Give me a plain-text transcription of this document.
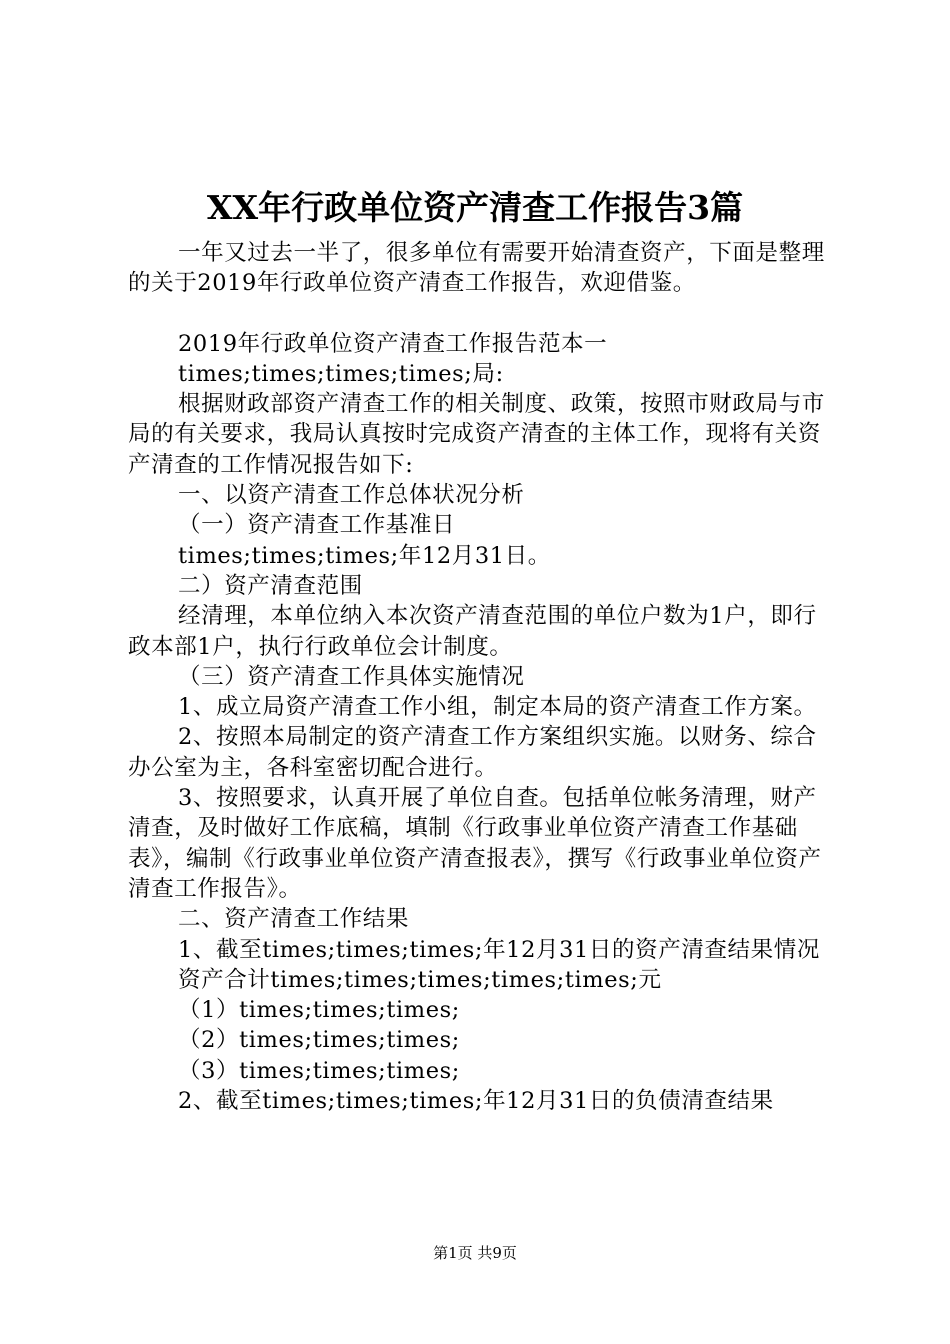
XX年行政单位资产清查工作报告3篇

一年又过去一半了，很多单位有需要开始清查资产，下面是整理的关于2019年行政单位资产清查工作报告，欢迎借鉴。

2019年行政单位资产清查工作报告范本一

times;times;times;times;局:

根据财政部资产清查工作的相关制度、政策，按照市财政局与市局的有关要求，我局认真按时完成资产清查的主体工作，现将有关资产清查的工作情况报告如下:

一、以资产清查工作总体状况分析

（一）资产清查工作基准日

times;times;times;年12月31日。

二）资产清查范围

经清理，本单位纳入本次资产清查范围的单位户数为1户，即行政本部1户，执行行政单位会计制度。

（三）资产清查工作具体实施情况

1、成立局资产清查工作小组，制定本局的资产清查工作方案。

2、按照本局制定的资产清查工作方案组织实施。以财务、综合办公室为主，各科室密切配合进行。

3、按照要求，认真开展了单位自查。包括单位帐务清理，财产清查，及时做好工作底稿，填制《行政事业单位资产清查工作基础表》，编制《行政事业单位资产清查报表》，撰写《行政事业单位资产清查工作报告》。

二、资产清查工作结果

1、截至times;times;times;年12月31日的资产清查结果情况

资产合计times;times;times;times;times;元

（1）times;times;times;

（2）times;times;times;

（3）times;times;times;

2、截至times;times;times;年12月31日的负债清查结果

第1页 共9页
